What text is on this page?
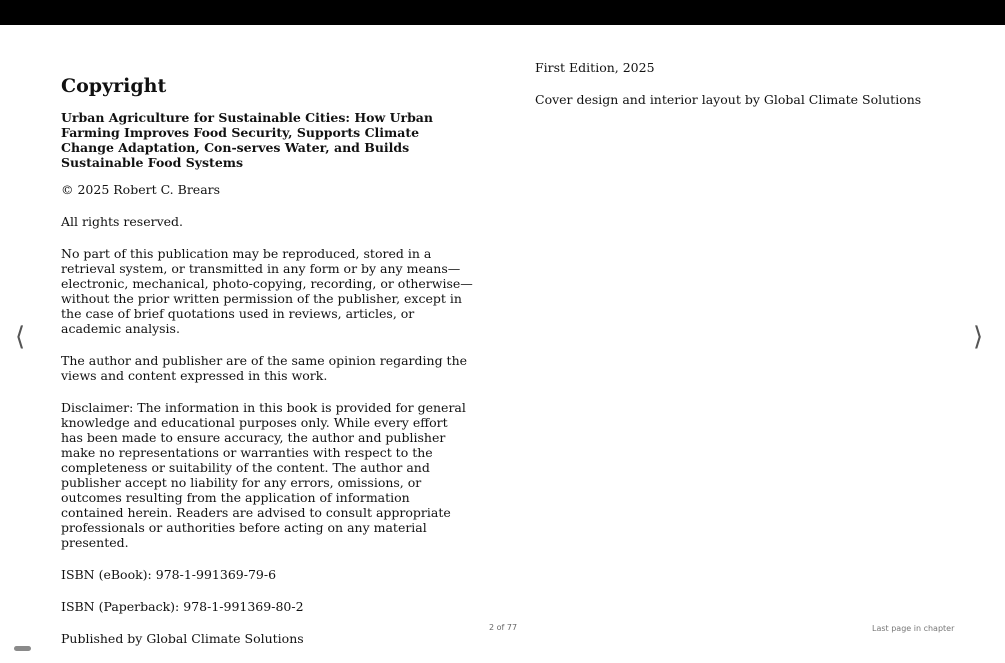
⟨	⟩
Copyright

Urban Agriculture for Sustainable Cities: How Urban Farming Improves Food Security, Supports Climate Change Adaptation, Con-serves Water, and Builds Sustainable Food Systems

© 2025 Robert C. Brears

All rights reserved.

No part of this publication may be reproduced, stored in a retrieval system, or transmitted in any form or by any means—electronic, mechanical, photo-copying, recording, or otherwise—without the prior written permission of the publisher, except in the case of brief quotations used in reviews, articles, or academic analysis.

The author and publisher are of the same opinion regarding the views and content expressed in this work.

Disclaimer: The information in this book is provided for general knowledge and educational purposes only. While every effort has been made to ensure accuracy, the author and publisher make no representations or warranties with respect to the completeness or suitability of the content. The author and publisher accept no liability for any errors, omissions, or outcomes resulting from the application of information contained herein. Readers are advised to consult appropriate professionals or authorities before acting on any material presented.

ISBN (eBook): 978-1-991369-79-6

ISBN (Paperback): 978-1-991369-80-2

Published by Global Climate Solutions

First Edition, 2025

Cover design and interior layout by Global Climate Solutions

2 of 77	Last page in chapter
